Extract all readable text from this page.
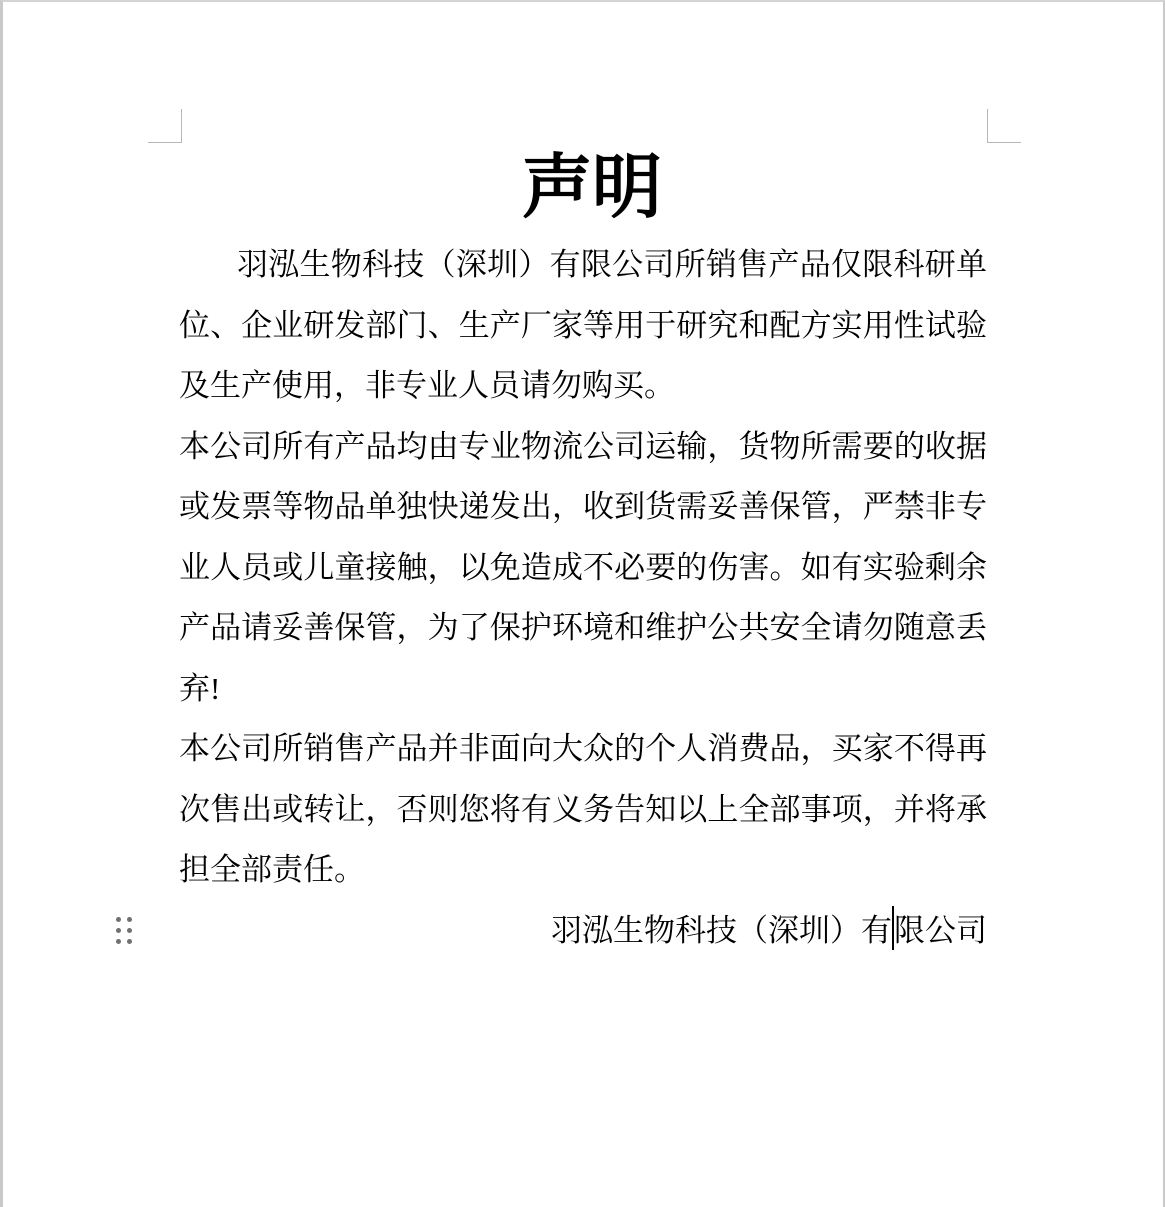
声明
羽泓生物科技（深圳）有限公司所销售产品仅限科研单
位、企业研发部门、生产厂家等用于研究和配方实用性试验
及生产使用，非专业人员请勿购买。
本公司所有产品均由专业物流公司运输，货物所需要的收据
或发票等物品单独快递发出，收到货需妥善保管，严禁非专
业人员或儿童接触，以免造成不必要的伤害。如有实验剩余
产品请妥善保管，为了保护环境和维护公共安全请勿随意丢
弃!
本公司所销售产品并非面向大众的个人消费品，买家不得再
次售出或转让，否则您将有义务告知以上全部事项，并将承
担全部责任。
羽泓生物科技（深圳）有限公司
